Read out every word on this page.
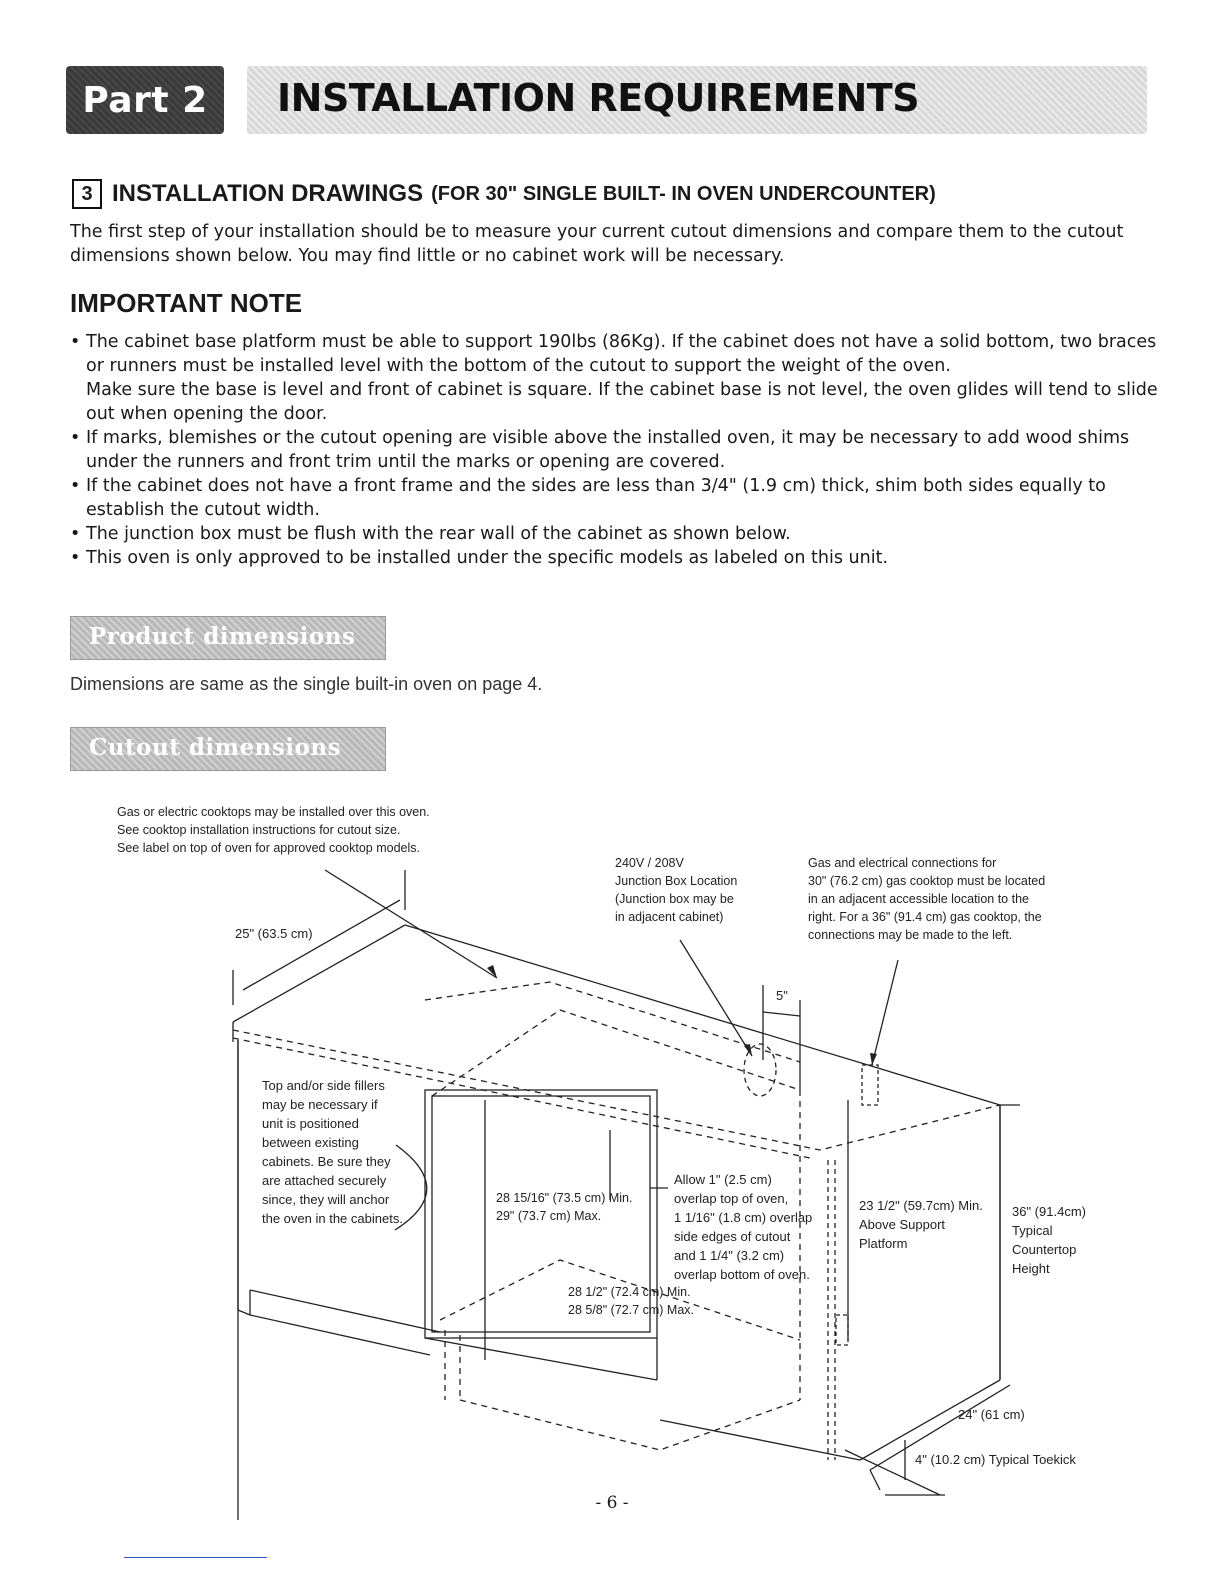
Part 2 INSTALLATION REQUIREMENTS
3 INSTALLATION DRAWINGS (FOR 30" SINGLE BUILT- IN OVEN UNDERCOUNTER)
The first step of your installation should be to measure your current cutout dimensions and compare them to the cutout dimensions shown below. You may find little or no cabinet work will be necessary.
IMPORTANT NOTE
• The cabinet base platform must be able to support 190lbs (86Kg). If the cabinet does not have a solid bottom, two braces or runners must be installed level with the bottom of the cutout to support the weight of the oven.
Make sure the base is level and front of cabinet is square. If the cabinet base is not level, the oven glides will tend to slide out when opening the door.
• If marks, blemishes or the cutout opening are visible above the installed oven, it may be necessary to add wood shims under the runners and front trim until the marks or opening are covered.
• If the cabinet does not have a front frame and the sides are less than 3/4" (1.9 cm) thick, shim both sides equally to establish the cutout width.
• The junction box must be flush with the rear wall of the cabinet as shown below.
• This oven is only approved to be installed under the specific models as labeled on this unit.
Product dimensions
Dimensions are same as the single built-in oven on page 4.
Cutout dimensions
Gas or electric cooktops may be installed over this oven.
See cooktop installation instructions for cutout size.
See label on top of oven for approved cooktop models.
240V / 208V
Junction Box Location
(Junction box may be
in adjacent cabinet)
Gas and electrical connections for
30" (76.2 cm) gas cooktop must be located
in an adjacent accessible location to the
right. For a 36" (91.4 cm) gas cooktop, the
connections may be made to the left.
25" (63.5 cm)
5"
Top and/or side fillers
may be necessary if
unit is positioned
between existing
cabinets. Be sure they
are attached securely
since, they will anchor
the oven in the cabinets.
28 15/16" (73.5 cm) Min.
29" (73.7 cm) Max.
Allow 1" (2.5 cm)
overlap top of oven,
1 1/16" (1.8 cm) overlap
side edges of cutout
and 1 1/4" (3.2 cm)
overlap bottom of oven.
28 1/2" (72.4 cm) Min.
28 5/8" (72.7 cm) Max.
23 1/2" (59.7cm) Min.
Above Support
Platform
36" (91.4cm)
Typical
Countertop
Height
24" (61 cm)
4" (10.2 cm) Typical Toekick
- 6 -
